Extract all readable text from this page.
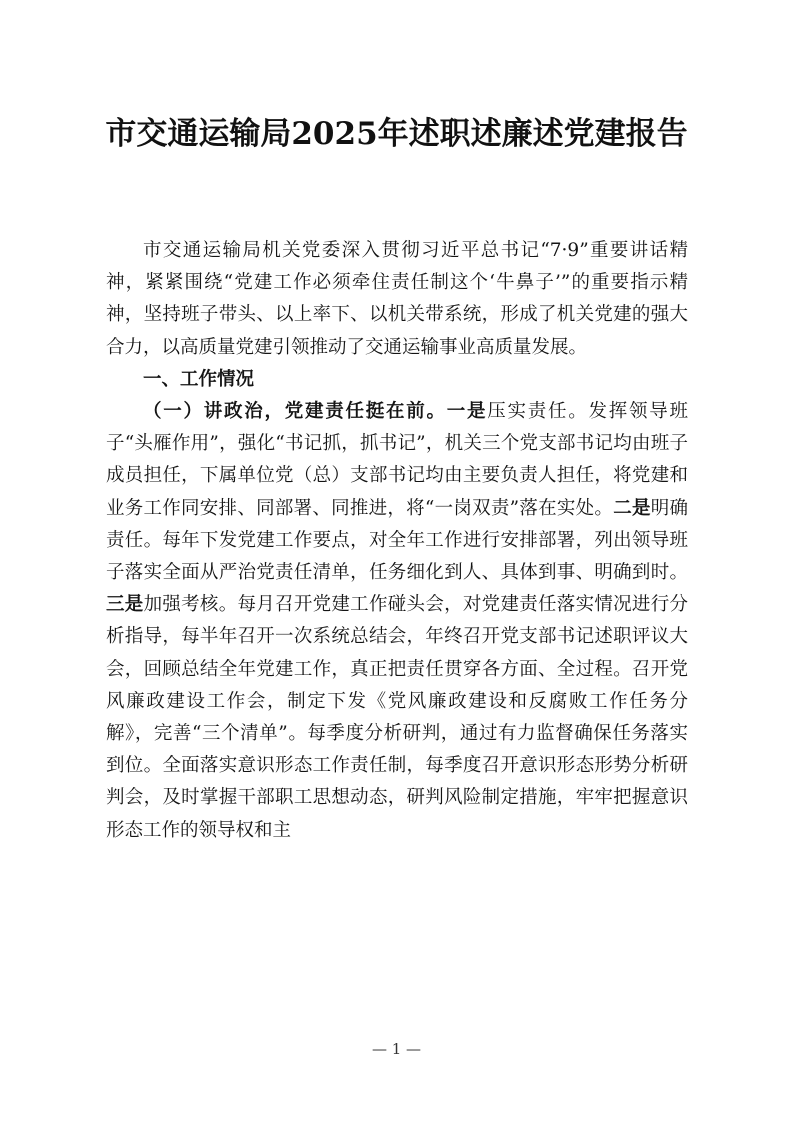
市交通运输局2025年述职述廉述党建报告

市交通运输局机关党委深入贯彻习近平总书记“7·9”重要讲话精神，紧紧围绕“党建工作必须牵住责任制这个‘牛鼻子’”的重要指示精神，坚持班子带头、以上率下、以机关带系统，形成了机关党建的强大合力，以高质量党建引领推动了交通运输事业高质量发展。

一、工作情况

（一）讲政治，党建责任挺在前。一是压实责任。发挥领导班子“头雁作用”，强化“书记抓，抓书记”，机关三个党支部书记均由班子成员担任，下属单位党（总）支部书记均由主要负责人担任，将党建和业务工作同安排、同部署、同推进，将“一岗双责”落在实处。二是明确责任。每年下发党建工作要点，对全年工作进行安排部署，列出领导班子落实全面从严治党责任清单，任务细化到人、具体到事、明确到时。三是加强考核。每月召开党建工作碰头会，对党建责任落实情况进行分析指导，每半年召开一次系统总结会，年终召开党支部书记述职评议大会，回顾总结全年党建工作，真正把责任贯穿各方面、全过程。召开党风廉政建设工作会，制定下发《党风廉政建设和反腐败工作任务分解》，完善“三个清单”。每季度分析研判，通过有力监督确保任务落实到位。全面落实意识形态工作责任制，每季度召开意识形态形势分析研判会，及时掌握干部职工思想动态，研判风险制定措施，牢牢把握意识形态工作的领导权和主

— 1 —
